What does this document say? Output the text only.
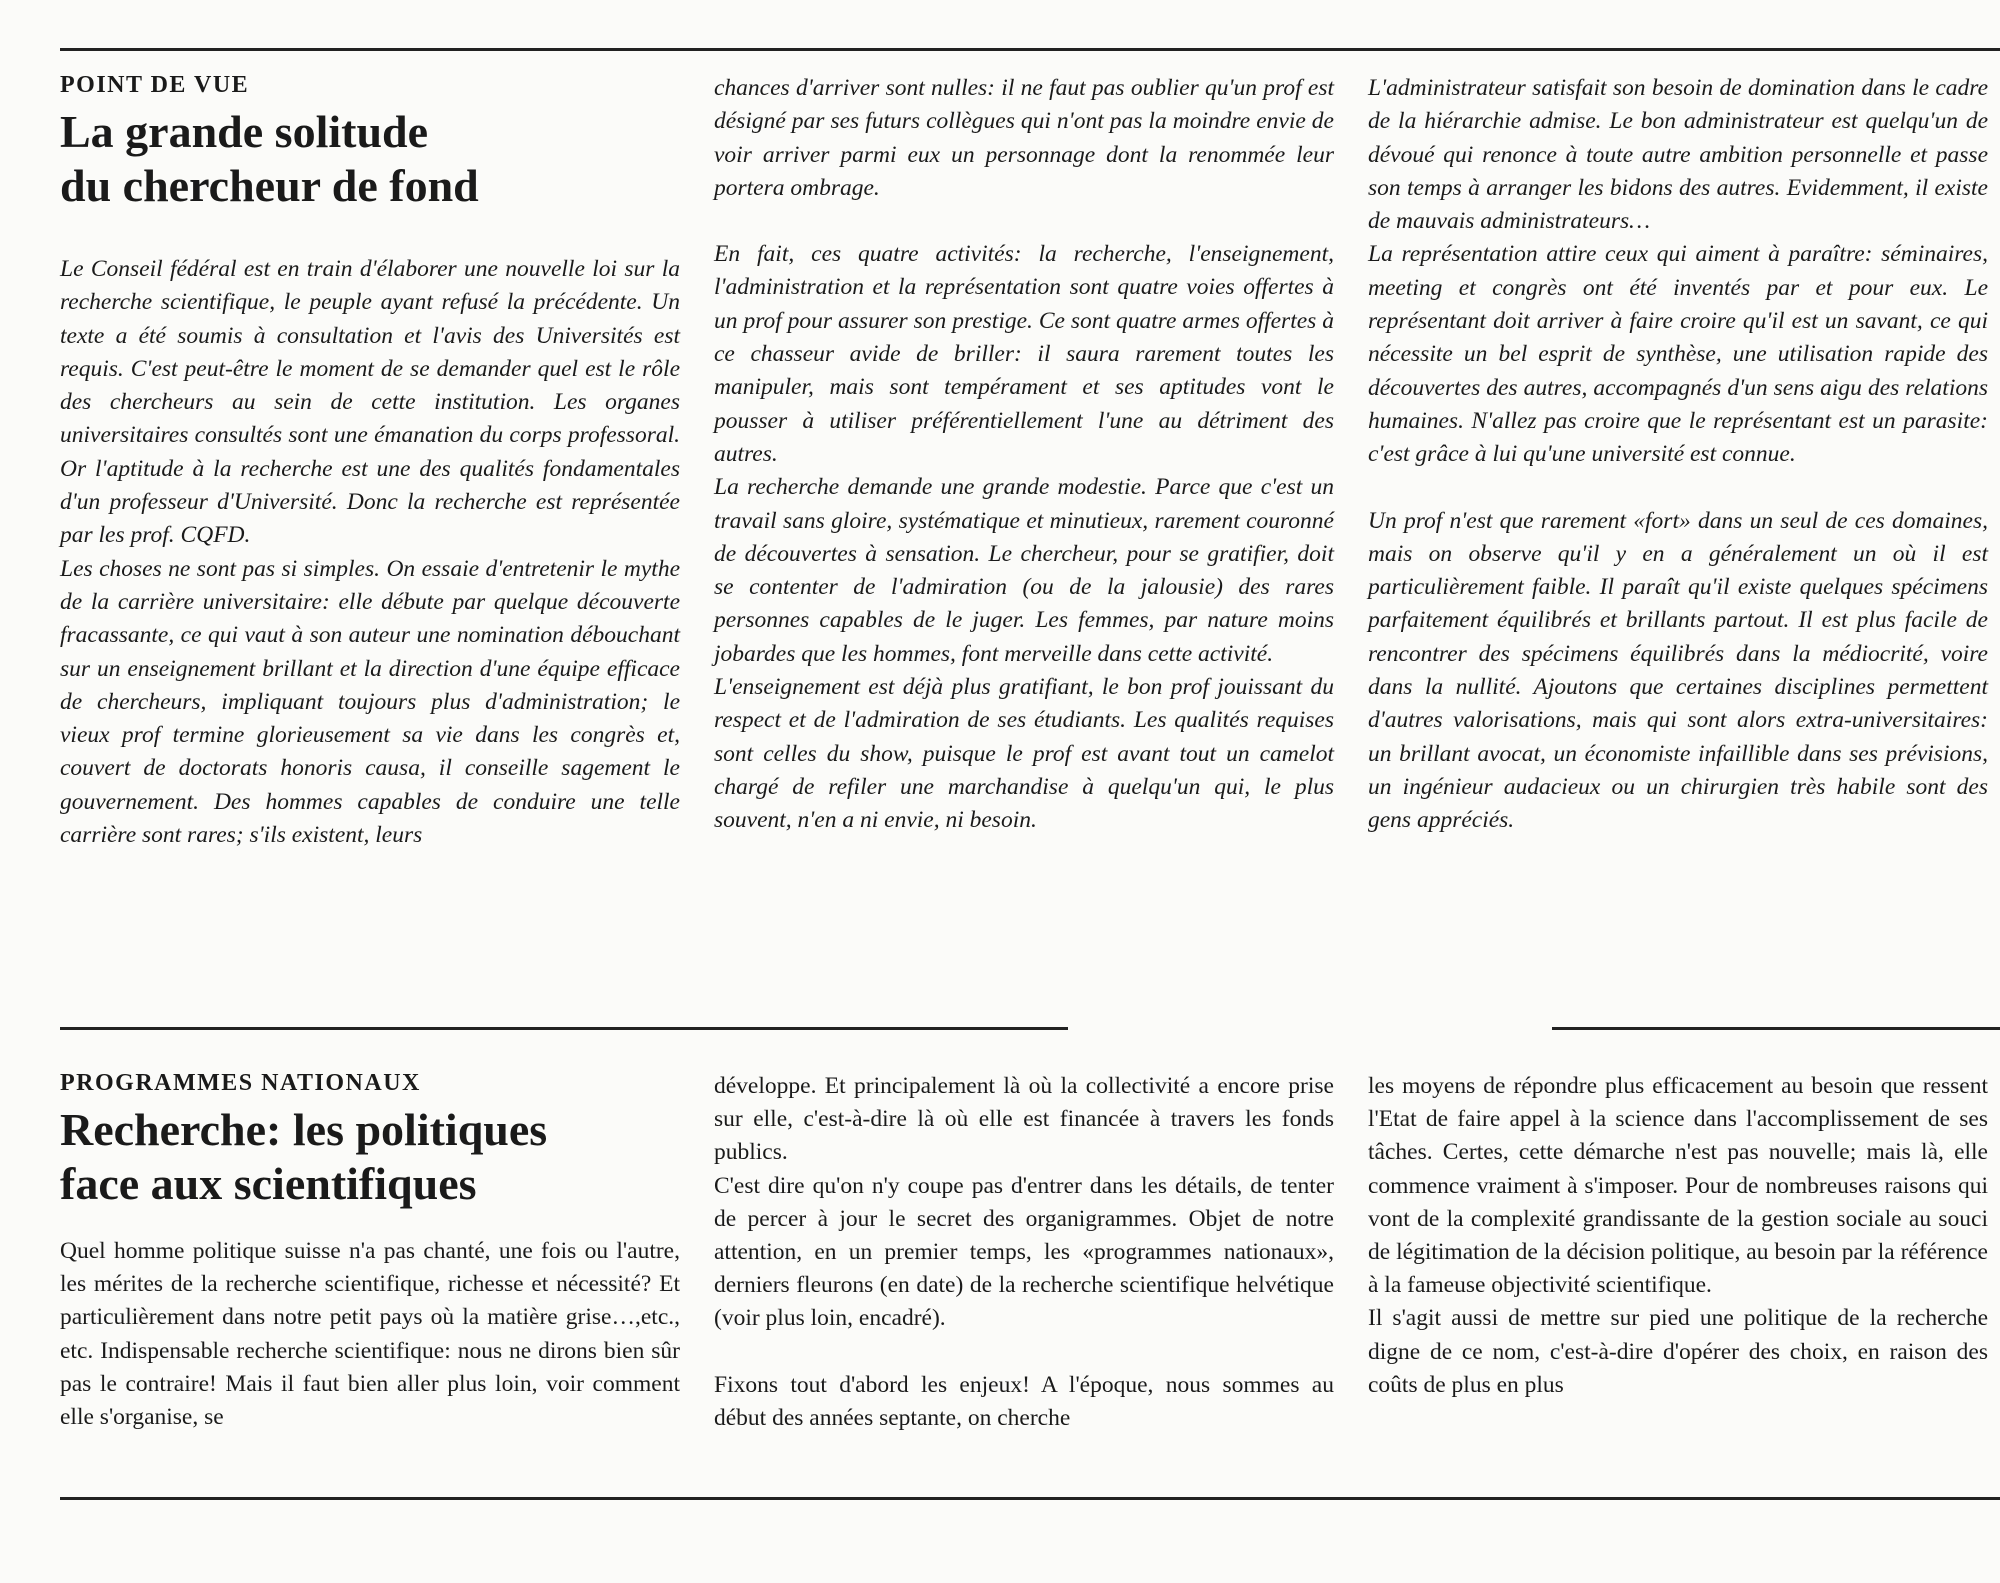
POINT DE VUE
La grande solitude
du chercheur de fond

Le Conseil fédéral est en train d'élaborer une nouvelle loi sur la recherche scientifique, le peuple ayant refusé la précédente. Un texte a été soumis à consultation et l'avis des Universités est requis. C'est peut-être le moment de se demander quel est le rôle des chercheurs au sein de cette institution. Les organes universitaires consultés sont une émanation du corps professoral. Or l'aptitude à la recherche est une des qualités fondamentales d'un professeur d'Université. Donc la recherche est représentée par les prof. CQFD.

Les choses ne sont pas si simples. On essaie d'entretenir le mythe de la carrière universitaire: elle débute par quelque découverte fracassante, ce qui vaut à son auteur une nomination débouchant sur un enseignement brillant et la direction d'une équipe efficace de chercheurs, impliquant toujours plus d'administration; le vieux prof termine glorieusement sa vie dans les congrès et, couvert de doctorats honoris causa, il conseille sagement le gouvernement. Des hommes capables de conduire une telle carrière sont rares; s'ils existent, leurs

chances d'arriver sont nulles: il ne faut pas oublier qu'un prof est désigné par ses futurs collègues qui n'ont pas la moindre envie de voir arriver parmi eux un personnage dont la renommée leur portera ombrage.

En fait, ces quatre activités: la recherche, l'enseignement, l'administration et la représentation sont quatre voies offertes à un prof pour assurer son prestige. Ce sont quatre armes offertes à ce chasseur avide de briller: il saura rarement toutes les manipuler, mais sont tempérament et ses aptitudes vont le pousser à utiliser préférentiellement l'une au détriment des autres.

La recherche demande une grande modestie. Parce que c'est un travail sans gloire, systématique et minutieux, rarement couronné de découvertes à sensation. Le chercheur, pour se gratifier, doit se contenter de l'admiration (ou de la jalousie) des rares personnes capables de le juger. Les femmes, par nature moins jobardes que les hommes, font merveille dans cette activité.

L'enseignement est déjà plus gratifiant, le bon prof jouissant du respect et de l'admiration de ses étudiants. Les qualités requises sont celles du show, puisque le prof est avant tout un camelot chargé de refiler une marchandise à quelqu'un qui, le plus souvent, n'en a ni envie, ni besoin.

L'administrateur satisfait son besoin de domination dans le cadre de la hiérarchie admise. Le bon administrateur est quelqu'un de dévoué qui renonce à toute autre ambition personnelle et passe son temps à arranger les bidons des autres. Evidemment, il existe de mauvais administrateurs…

La représentation attire ceux qui aiment à paraître: séminaires, meeting et congrès ont été inventés par et pour eux. Le représentant doit arriver à faire croire qu'il est un savant, ce qui nécessite un bel esprit de synthèse, une utilisation rapide des découvertes des autres, accompagnés d'un sens aigu des relations humaines. N'allez pas croire que le représentant est un parasite: c'est grâce à lui qu'une université est connue.

Un prof n'est que rarement «fort» dans un seul de ces domaines, mais on observe qu'il y en a généralement un où il est particulièrement faible. Il paraît qu'il existe quelques spécimens parfaitement équilibrés et brillants partout. Il est plus facile de rencontrer des spécimens équilibrés dans la médiocrité, voire dans la nullité. Ajoutons que certaines disciplines permettent d'autres valorisations, mais qui sont alors extra-universitaires: un brillant avocat, un économiste infaillible dans ses prévisions, un ingénieur audacieux ou un chirurgien très habile sont des gens appréciés.

PROGRAMMES NATIONAUX
Recherche: les politiques
face aux scientifiques

Quel homme politique suisse n'a pas chanté, une fois ou l'autre, les mérites de la recherche scientifique, richesse et nécessité? Et particulièrement dans notre petit pays où la matière grise…,etc., etc. Indispensable recherche scientifique: nous ne dirons bien sûr pas le contraire! Mais il faut bien aller plus loin, voir comment elle s'organise, se

développe. Et principalement là où la collectivité a encore prise sur elle, c'est-à-dire là où elle est financée à travers les fonds publics.

C'est dire qu'on n'y coupe pas d'entrer dans les détails, de tenter de percer à jour le secret des organigrammes. Objet de notre attention, en un premier temps, les «programmes nationaux», derniers fleurons (en date) de la recherche scientifique helvétique (voir plus loin, encadré).

Fixons tout d'abord les enjeux! A l'époque, nous sommes au début des années septante, on cherche

les moyens de répondre plus efficacement au besoin que ressent l'Etat de faire appel à la science dans l'accomplissement de ses tâches. Certes, cette démarche n'est pas nouvelle; mais là, elle commence vraiment à s'imposer. Pour de nombreuses raisons qui vont de la complexité grandissante de la gestion sociale au souci de légitimation de la décision politique, au besoin par la référence à la fameuse objectivité scientifique.

Il s'agit aussi de mettre sur pied une politique de la recherche digne de ce nom, c'est-à-dire d'opérer des choix, en raison des coûts de plus en plus
